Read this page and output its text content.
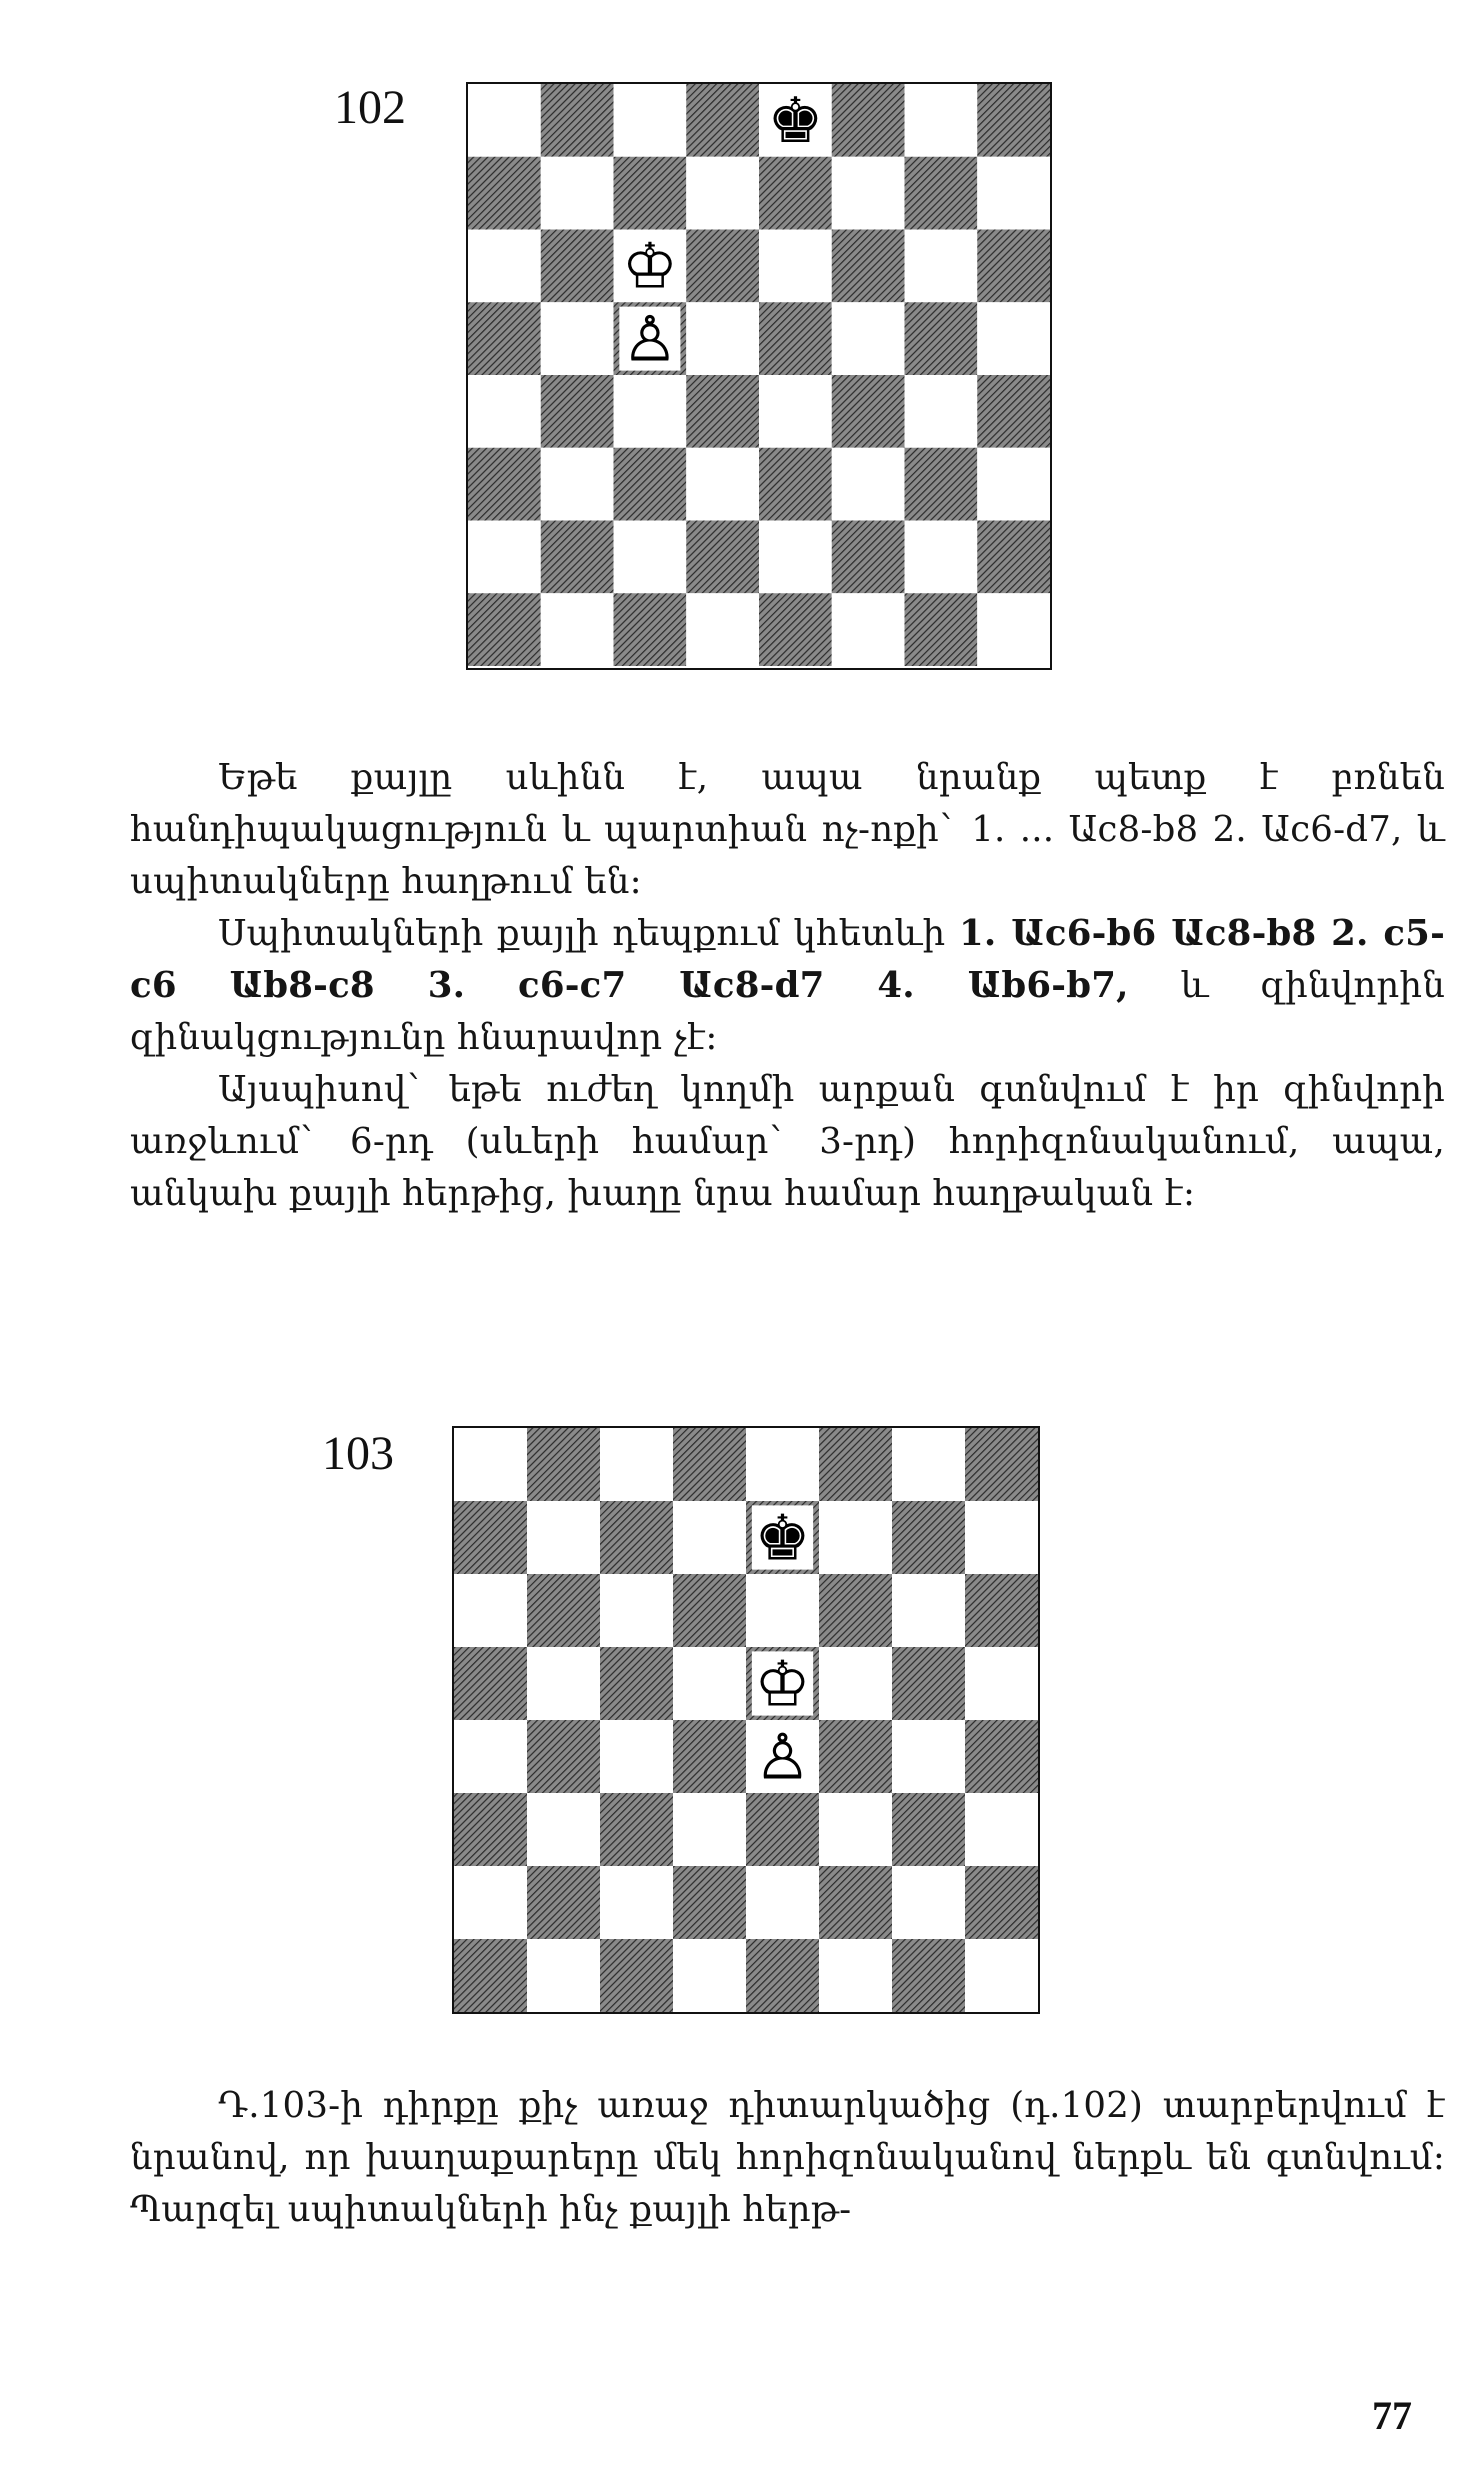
102	♚
♔
♙

Եթե քայլը սևինն է, ապա նրանք պետք է բռնեն հանդիպակացություն և պարտիան ոչ-ոքի` 1. ... Աc8-b8 2. Աc6-d7, և սպիտակները հաղթում են:

Սպիտակների քայլի դեպքում կհետևի 1. Աc6-b6 Աc8-b8 2. c5-c6 Աb8-c8 3. c6-c7 Աc8-d7 4. Աb6-b7, և զինվորին զինակցությունը հնարավոր չէ:

Այսպիսով` եթե ուժեղ կողմի արքան գտնվում է իր զինվորի առջևում` 6-րդ (սևերի համար` 3-րդ) հորիզոնականում, ապա, անկախ քայլի հերթից, խաղը նրա համար հաղթական է:

103
♚
♔
♙

Դ.103-ի դիրքը քիչ առաջ դիտարկածից (դ.102) տարբերվում է նրանով, որ խաղաքարերը մեկ հորիզոնականով ներքև են գտնվում: Պարզել սպիտակների ինչ քայլի հերթ-

77
